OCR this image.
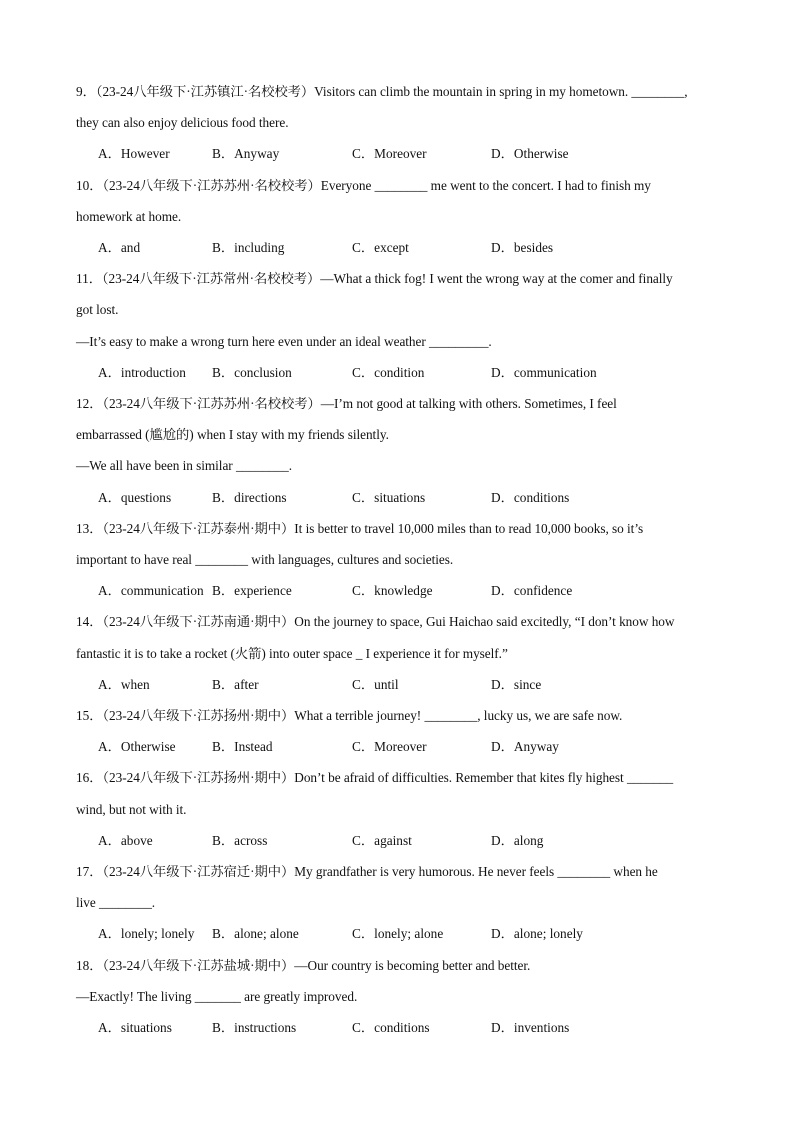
9．（23-24八年级下·江苏镇江·名校校考）Visitors can climb the mountain in spring in my hometown. ________,
they can also enjoy delicious food there.
A．However	B．Anyway	C．Moreover	D．Otherwise
10．（23-24八年级下·江苏苏州·名校校考）Everyone ________ me went to the concert. I had to finish my
homework at home.
A．and	B．including	C．except	D．besides
11．（23-24八年级下·江苏常州·名校校考）—What a thick fog! I went the wrong way at the comer and finally
got lost.
—It’s easy to make a wrong turn here even under an ideal weather _________.
A．introduction B．conclusion	C．condition	D．communication
12．（23-24八年级下·江苏苏州·名校校考）—I’m not good at talking with others. Sometimes, I feel
embarrassed (尴尬的) when I stay with my friends silently.
—We all have been in similar ________.
A．questions	B．directions	C．situations	D．conditions
13．（23-24八年级下·江苏泰州·期中）It is better to travel 10,000 miles than to read 10,000 books, so it’s
important to have real ________ with languages, cultures and societies.
A．communication B．experience	C．knowledge	D．confidence
14．（23-24八年级下·江苏南通·期中）On the journey to space, Gui Haichao said excitedly, “I don’t know how
fantastic it is to take a rocket (火箭) into outer space _ I experience it for myself.”
A．when	B．after	C．until	D．since
15．（23-24八年级下·江苏扬州·期中）What a terrible journey! ________, lucky us, we are safe now.
A．Otherwise	B．Instead	C．Moreover	D．Anyway
16．（23-24八年级下·江苏扬州·期中）Don’t be afraid of difficulties. Remember that kites fly highest _______
wind, but not with it.
A．above	B．across	C．against	D．along
17．（23-24八年级下·江苏宿迁·期中）My grandfather is very humorous. He never feels ________ when he
live ________.
A．lonely; lonely B．alone; alone	C．lonely; alone	D．alone; lonely
18．（23-24八年级下·江苏盐城·期中）—Our country is becoming better and better.
—Exactly! The living _______ are greatly improved.
A．situations	B．instructions	C．conditions	D．inventions
